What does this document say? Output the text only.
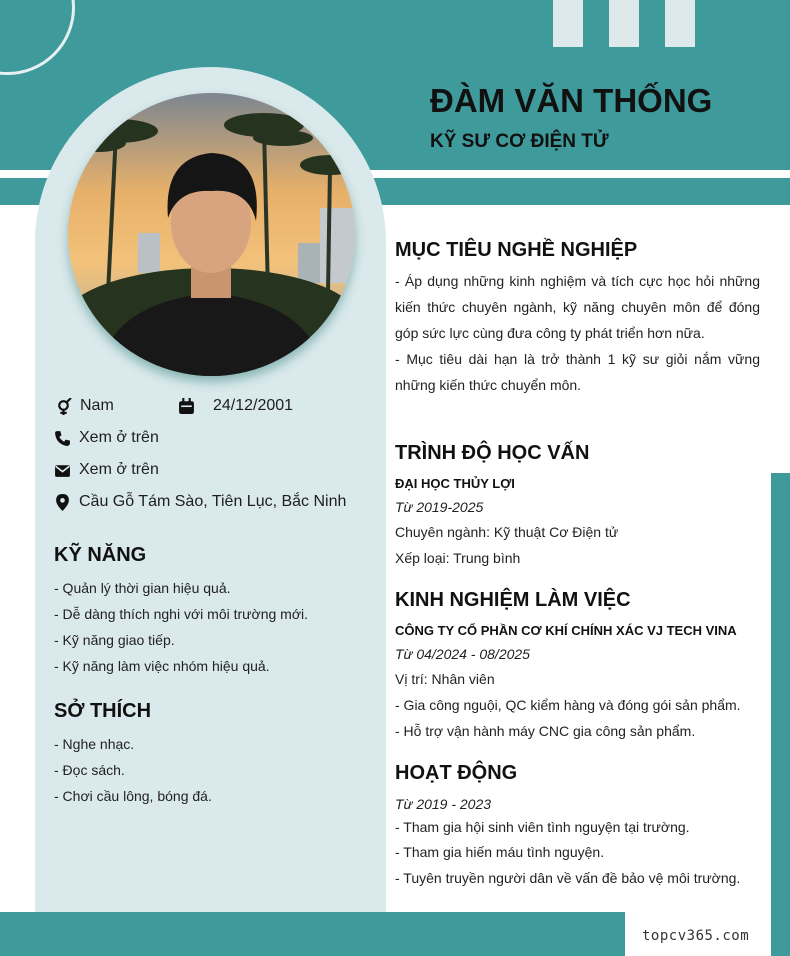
topcv365.com
ĐÀM VĂN THỐNG
KỸ SƯ CƠ ĐIỆN TỬ
Nam	24/12/2001
Xem ở trên
Xem ở trên
Cầu Gỗ Tám Sào, Tiên Lục, Bắc Ninh
KỸ NĂNG
- Quản lý thời gian hiệu quả.
- Dễ dàng thích nghi với môi trường mới.
- Kỹ năng giao tiếp.
- Kỹ năng làm việc nhóm hiệu quả.
SỞ THÍCH
- Nghe nhạc.
- Đọc sách.
- Chơi cầu lông, bóng đá.
MỤC TIÊU NGHỀ NGHIỆP
- Áp dụng những kinh nghiệm và tích cực học hỏi những kiến thức chuyên ngành, kỹ năng chuyên môn để đóng góp sức lực cùng đưa công ty phát triển hơn nữa.
- Mục tiêu dài hạn là trở thành 1 kỹ sư giỏi nắm vững những kiến thức chuyển môn.
TRÌNH ĐỘ HỌC VẤN
ĐẠI HỌC THỦY LỢI
Từ 2019-2025
Chuyên ngành: Kỹ thuật Cơ Điện tử
Xếp loại: Trung bình
KINH NGHIỆM LÀM VIỆC
CÔNG TY CỔ PHẦN CƠ KHÍ CHÍNH XÁC VJ TECH VINA
Từ 04/2024 - 08/2025
Vị trí: Nhân viên
- Gia công nguội, QC kiểm hàng và đóng gói sản phẩm.
- Hỗ trợ vận hành máy CNC gia công sản phẩm.
HOẠT ĐỘNG
Từ 2019 - 2023
- Tham gia hội sinh viên tình nguyện tại trường.
- Tham gia hiến máu tình nguyện.
- Tuyên truyền người dân về vấn đề bảo vệ môi trường.
